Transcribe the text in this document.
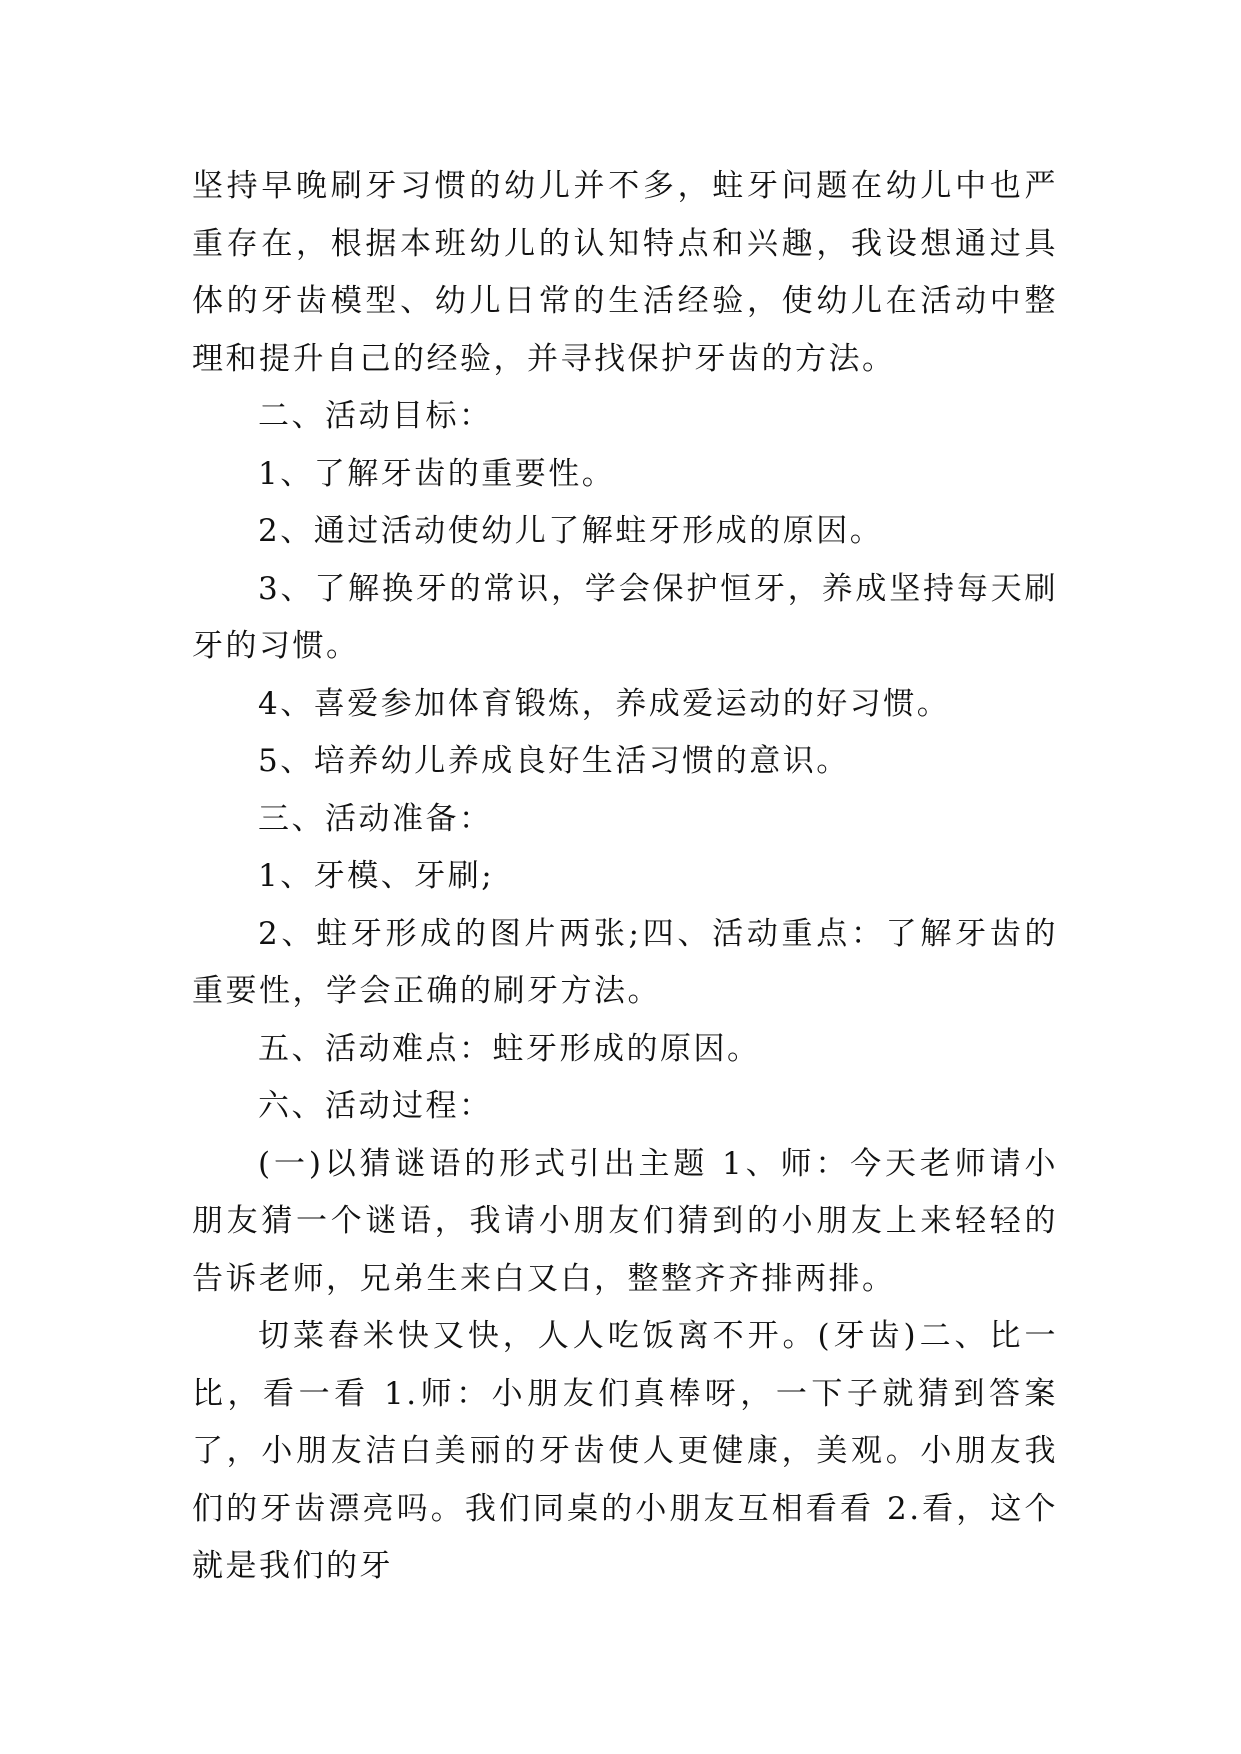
坚持早晚刷牙习惯的幼儿并不多，蛀牙问题在幼儿中也严重存在，根据本班幼儿的认知特点和兴趣，我设想通过具体的牙齿模型、幼儿日常的生活经验，使幼儿在活动中整理和提升自己的经验，并寻找保护牙齿的方法。

二、活动目标：

1、了解牙齿的重要性。

2、通过活动使幼儿了解蛀牙形成的原因。

3、了解换牙的常识，学会保护恒牙，养成坚持每天刷牙的习惯。

4、喜爱参加体育锻炼，养成爱运动的好习惯。

5、培养幼儿养成良好生活习惯的意识。

三、活动准备：

1、牙模、牙刷;

2、蛀牙形成的图片两张;四、活动重点：了解牙齿的重要性，学会正确的刷牙方法。

五、活动难点：蛀牙形成的原因。

六、活动过程：

(一)以猜谜语的形式引出主题 1、师：今天老师请小朋友猜一个谜语，我请小朋友们猜到的小朋友上来轻轻的告诉老师，兄弟生来白又白，整整齐齐排两排。

切菜舂米快又快，人人吃饭离不开。(牙齿)二、比一比，看一看 1.师：小朋友们真棒呀，一下子就猜到答案了，小朋友洁白美丽的牙齿使人更健康，美观。小朋友我们的牙齿漂亮吗。我们同桌的小朋友互相看看 2.看，这个就是我们的牙
